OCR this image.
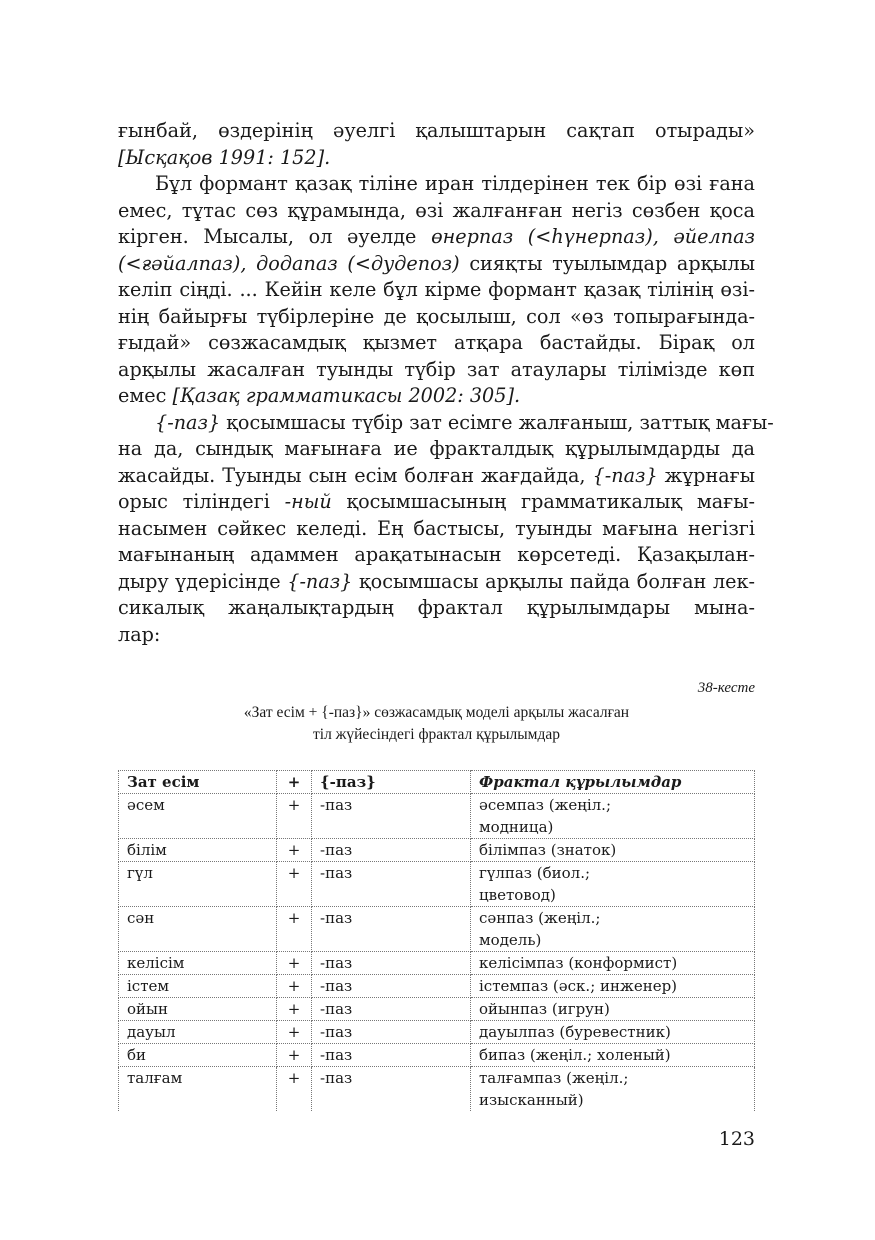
ғынбай, өздерінің әуелгі қалыштарын сақтап отырады»
[Ысқақов 1991: 152].
Бұл формант қазақ тіліне иран тілдерінен тек бір өзі ғана
емес, тұтас сөз құрамында, өзі жалғанған негіз сөзбен қоса
кірген. Мысалы, ол әуелде өнерпаз (<һүнерпаз), әйелпаз
(<ғәйалпаз), додапаз (<дудепоз) сияқты туылымдар арқылы
келіп сіңді. ... Кейін келе бұл кірме формант қазақ тілінің өзі-
нің байырғы түбірлеріне де қосылыш, сол «өз топырағында-
ғыдай» сөзжасамдық қызмет атқара бастайды. Бірақ ол
арқылы жасалған туынды түбір зат атаулары тілімізде көп
емес [Қазақ грамматикасы 2002: 305].
{-паз} қосымшасы түбір зат есімге жалғаныш, заттық мағы-
на да, сындық мағынаға ие фракталдық құрылымдарды да
жасайды. Туынды сын есім болған жағдайда, {-паз} жұрнағы
орыс тіліндегі -ный қосымшасының грамматикалық мағы-
насымен сәйкес келеді. Ең бастысы, туынды мағына негізгі
мағынаның адаммен арақатынасын көрсетеді. Қазақылан-
дыру үдерісінде {-паз} қосымшасы арқылы пайда болған лек-
сикалық жаңалықтардың фрактал құрылымдары мына-
лар:
38-кесте
«Зат есім + {-паз}» сөзжасамдық моделі арқылы жасалған
тіл жүйесіндегі фрактал құрылымдар
Зат есім	+	{-паз}	Фрактал құрылымдар
әсем	+	-паз	әсемпаз (жеңіл.;
модница)
білім	+	-паз	білімпаз (знаток)
гүл	+	-паз	гүлпаз (биол.;
цветовод)
сән	+	-паз	сәнпаз (жеңіл.;
модель)
келісім	+	-паз	келісімпаз (конформист)
істем	+	-паз	істемпаз (әск.; инженер)
ойын	+	-паз	ойынпаз (игрун)
дауыл	+	-паз	дауылпаз (буревестник)
би	+	-паз	бипаз (жеңіл.; холеный)
талғам	+	-паз	талғампаз (жеңіл.;
изысканный)
123
